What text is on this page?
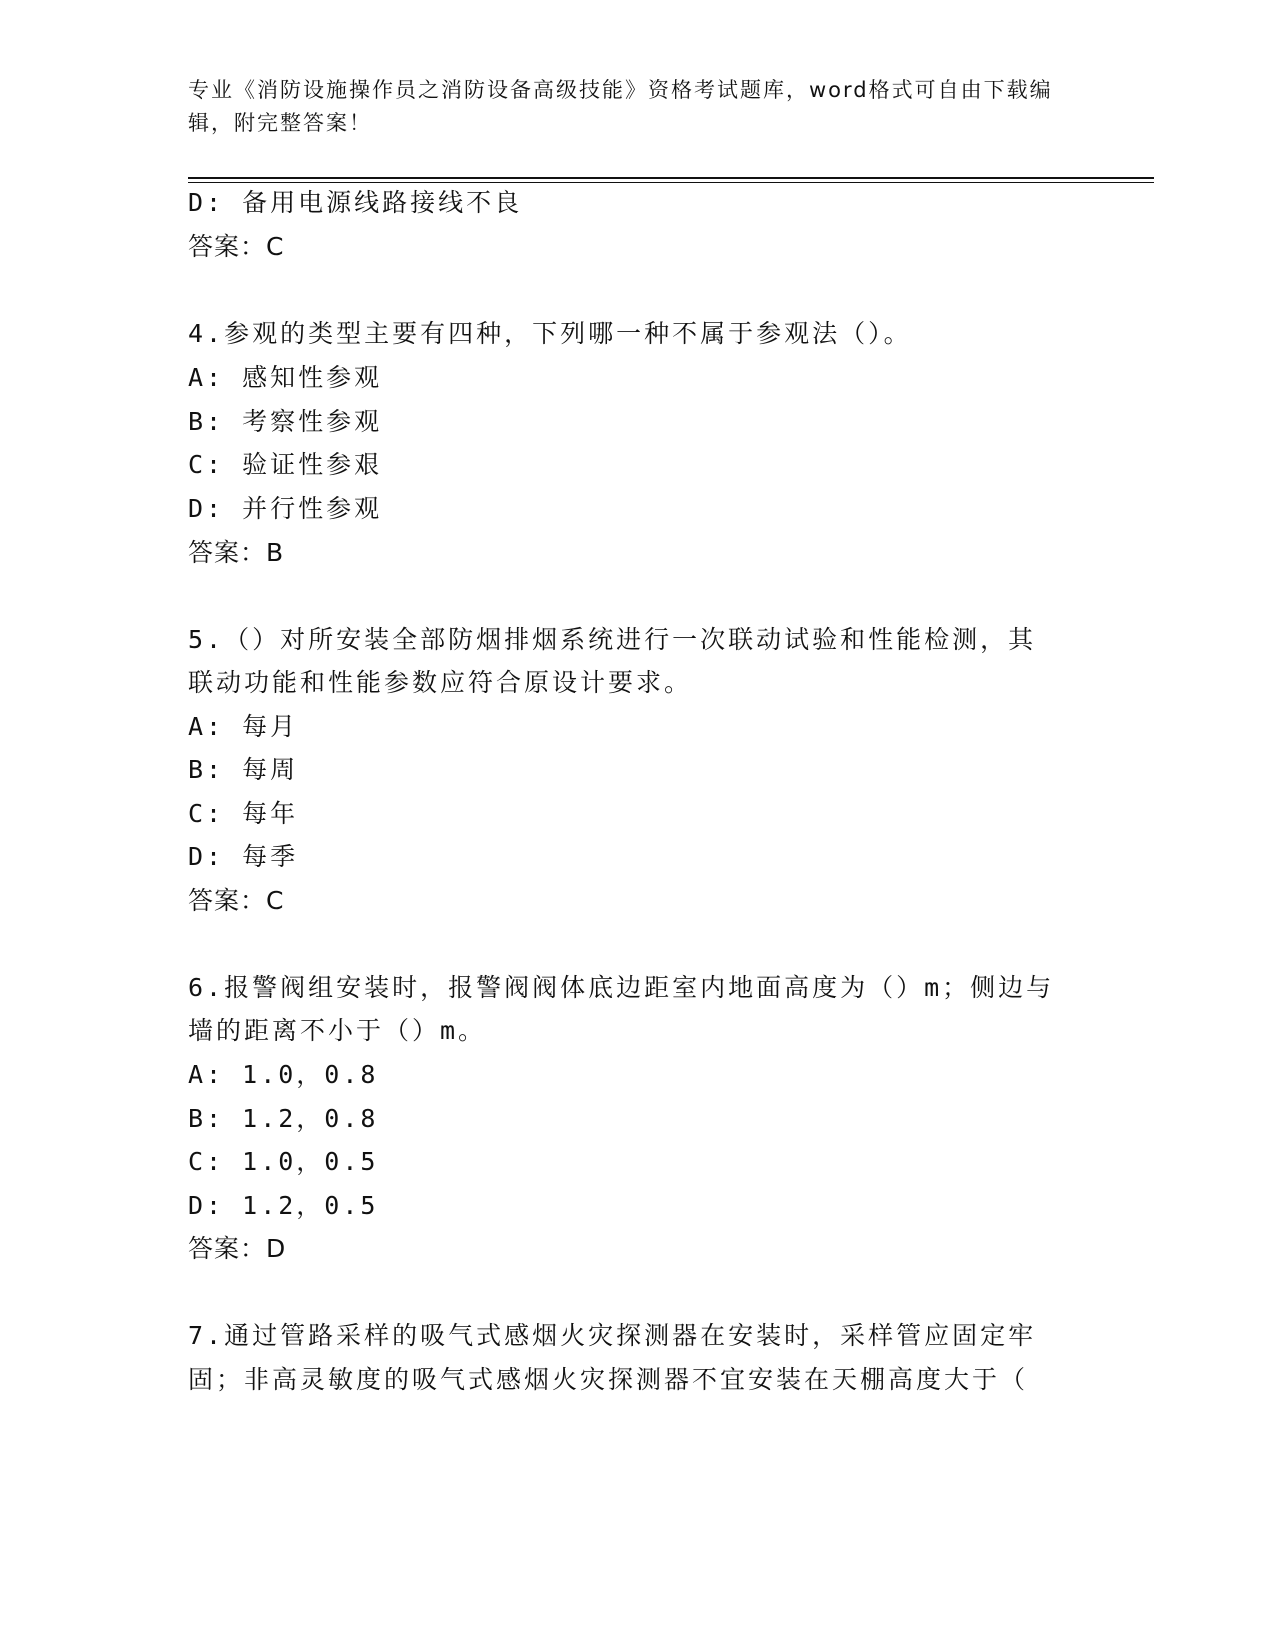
专业《消防设施操作员之消防设备高级技能》资格考试题库，word格式可自由下载编辑，附完整答案！
D: 备用电源线路接线不良
答案：C
4.参观的类型主要有四种，下列哪一种不属于参观法（）。
A: 感知性参观
B: 考察性参观
C: 验证性参艰
D: 并行性参观
答案：B
5.（）对所安装全部防烟排烟系统进行一次联动试验和性能检测，其
联动功能和性能参数应符合原设计要求。
A: 每月
B: 每周
C: 每年
D: 每季
答案：C
6.报警阀组安装时，报警阀阀体底边距室内地面高度为（）m；侧边与
墙的距离不小于（）m。
A: 1.0，0.8
B: 1.2，0.8
C: 1.0，0.5
D: 1.2，0.5
答案：D
7.通过管路采样的吸气式感烟火灾探测器在安装时，采样管应固定牢
固；非高灵敏度的吸气式感烟火灾探测器不宜安装在天棚高度大于（
